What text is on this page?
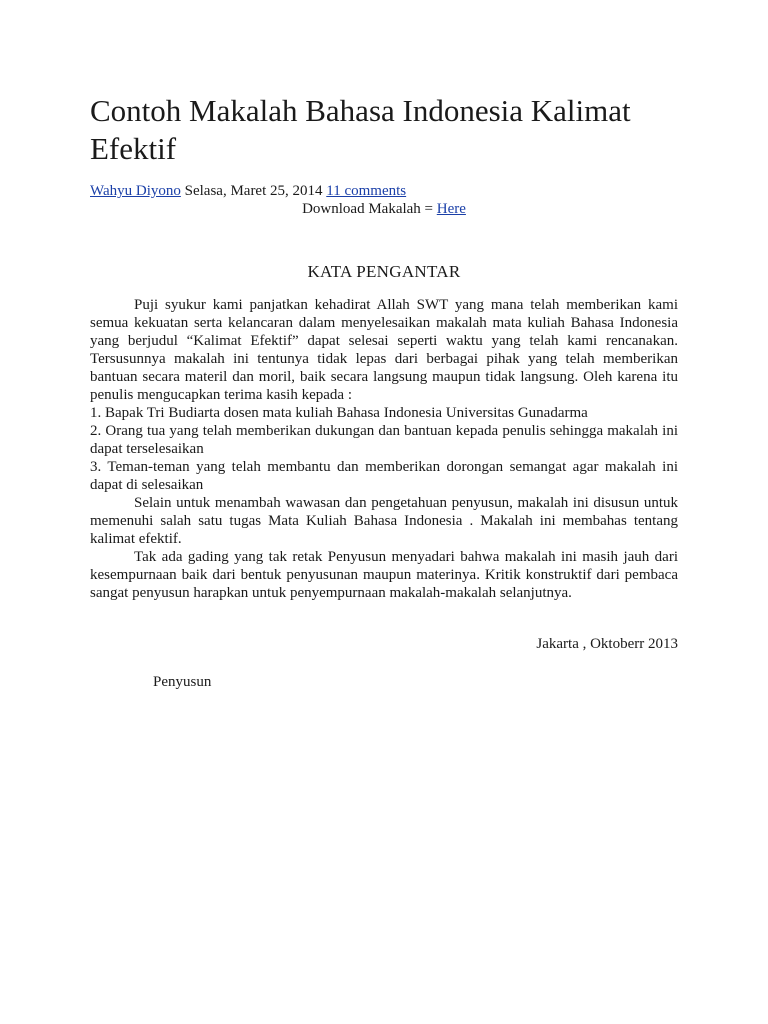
Contoh Makalah Bahasa Indonesia Kalimat Efektif
Wahyu Diyono Selasa, Maret 25, 2014 11 comments
Download Makalah = Here
KATA PENGANTAR

Puji syukur kami panjatkan kehadirat Allah SWT yang mana telah memberikan kami semua kekuatan serta kelancaran dalam menyelesaikan makalah mata kuliah Bahasa Indonesia yang berjudul “Kalimat Efektif” dapat selesai seperti waktu yang telah kami rencanakan. Tersusunnya makalah ini tentunya tidak lepas dari berbagai pihak yang telah memberikan bantuan secara materil dan moril, baik secara langsung maupun tidak langsung. Oleh karena itu penulis mengucapkan terima kasih kepada :

1. Bapak Tri Budiarta dosen mata kuliah Bahasa Indonesia Universitas Gunadarma

2. Orang tua yang telah memberikan dukungan dan bantuan kepada penulis sehingga makalah ini dapat terselesaikan

3. Teman-teman yang telah membantu dan memberikan dorongan semangat agar makalah ini dapat di selesaikan

Selain untuk menambah wawasan dan pengetahuan penyusun, makalah ini disusun untuk memenuhi salah satu tugas Mata Kuliah Bahasa Indonesia . Makalah ini membahas tentang kalimat efektif.

Tak ada gading yang tak retak Penyusun menyadari bahwa makalah ini masih jauh dari kesempurnaan baik dari bentuk penyusunan maupun materinya. Kritik konstruktif dari pembaca sangat penyusun harapkan untuk penyempurnaan makalah-makalah selanjutnya.

Jakarta , Oktoberr 2013
Penyusun
